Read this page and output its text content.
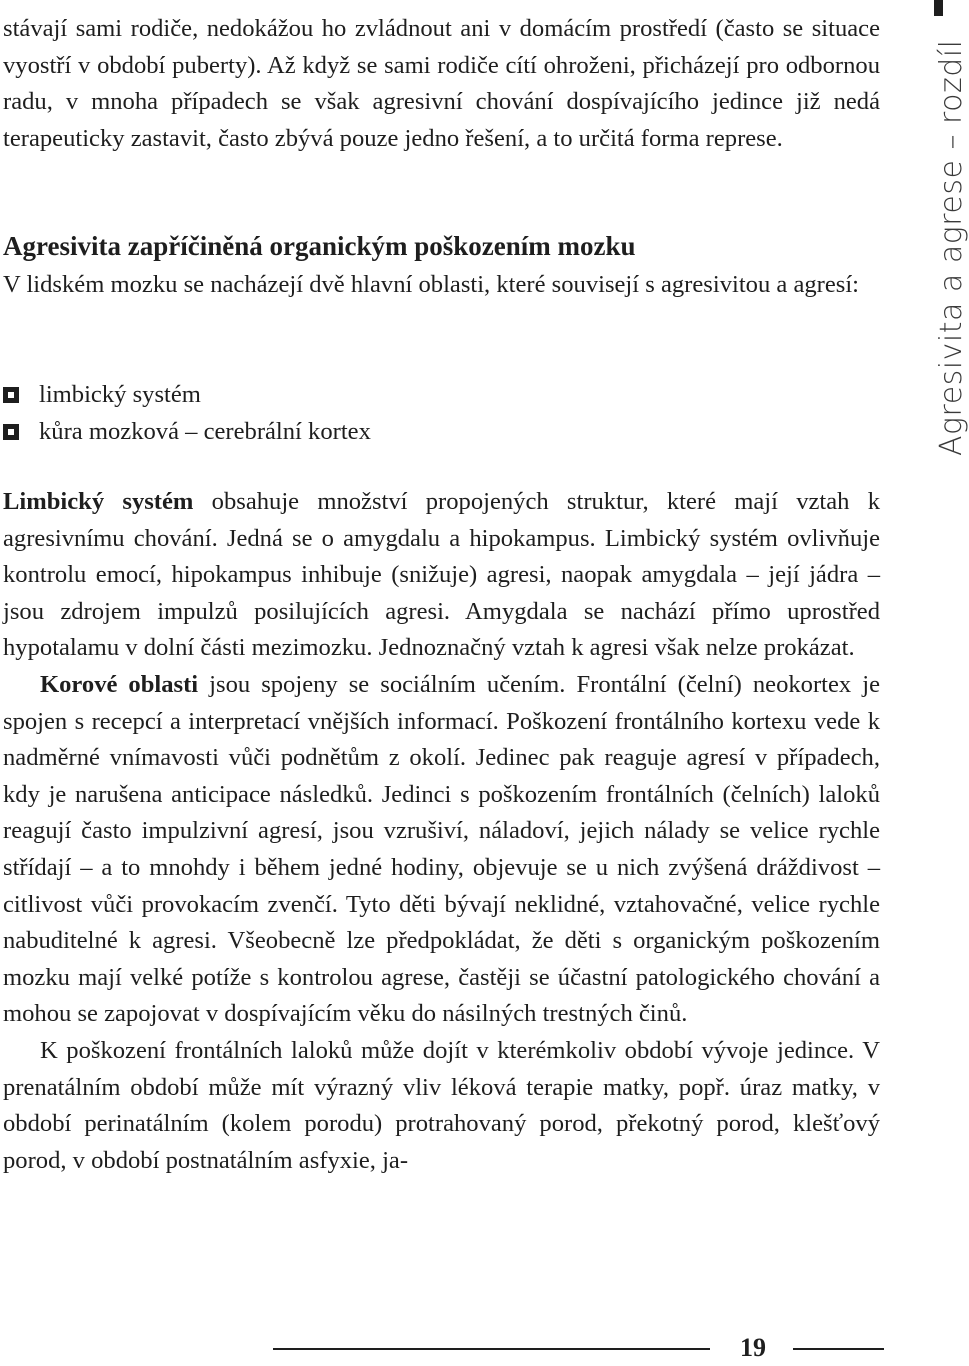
stávají sami rodiče, nedokážou ho zvládnout ani v domácím prostředí (často se situace vyostří v období puberty). Až když se sami rodiče cítí ohroženi, přicházejí pro odbornou radu, v mnoha případech se však agresivní chování dospívajícího jedince již nedá terapeuticky zastavit, často zbývá pouze jedno řešení, a to určitá forma represe.

Agresivita zapříčiněná organickým poškozením mozku

V lidském mozku se nacházejí dvě hlavní oblasti, které souvisejí s agresivitou a agresí:

limbický systém
kůra mozková – cerebrální kortex

Limbický systém obsahuje množství propojených struktur, které mají vztah k agresivnímu chování. Jedná se o amygdalu a hipokampus. Limbický systém ovlivňuje kontrolu emocí, hipokampus inhibuje (snižuje) agresi, naopak amygdala – její jádra – jsou zdrojem impulzů posilujících agresi. Amygdala se nachází přímo uprostřed hypotalamu v dolní části mezimozku. Jednoznačný vztah k agresi však nelze prokázat.

Korové oblasti jsou spojeny se sociálním učením. Frontální (čelní) neokortex je spojen s recepcí a interpretací vnějších informací. Poškození frontálního kortexu vede k nadměrné vnímavosti vůči podnětům z okolí. Jedinec pak reaguje agresí v případech, kdy je narušena anticipace následků. Jedinci s poškozením frontálních (čelních) laloků reagují často impulzivní agresí, jsou vzrušiví, náladoví, jejich nálady se velice rychle střídají – a to mnohdy i během jedné hodiny, objevuje se u nich zvýšená dráždivost – citlivost vůči provokacím zvenčí. Tyto děti bývají neklidné, vztahovačné, velice rychle nabuditelné k agresi. Všeobecně lze předpokládat, že děti s organickým poškozením mozku mají velké potíže s kontrolou agrese, častěji se účastní patologického chování a mohou se zapojovat v dospívajícím věku do násilných trestných činů.

K poškození frontálních laloků může dojít v kterémkoliv období vývoje jedince. V prenatálním období může mít výrazný vliv léková terapie matky, popř. úraz matky, v období perinatálním (kolem porodu) protrahovaný porod, překotný porod, klešťový porod, v období postnatálním asfyxie, ja-

Agresivita a agrese – rozdíl
19
